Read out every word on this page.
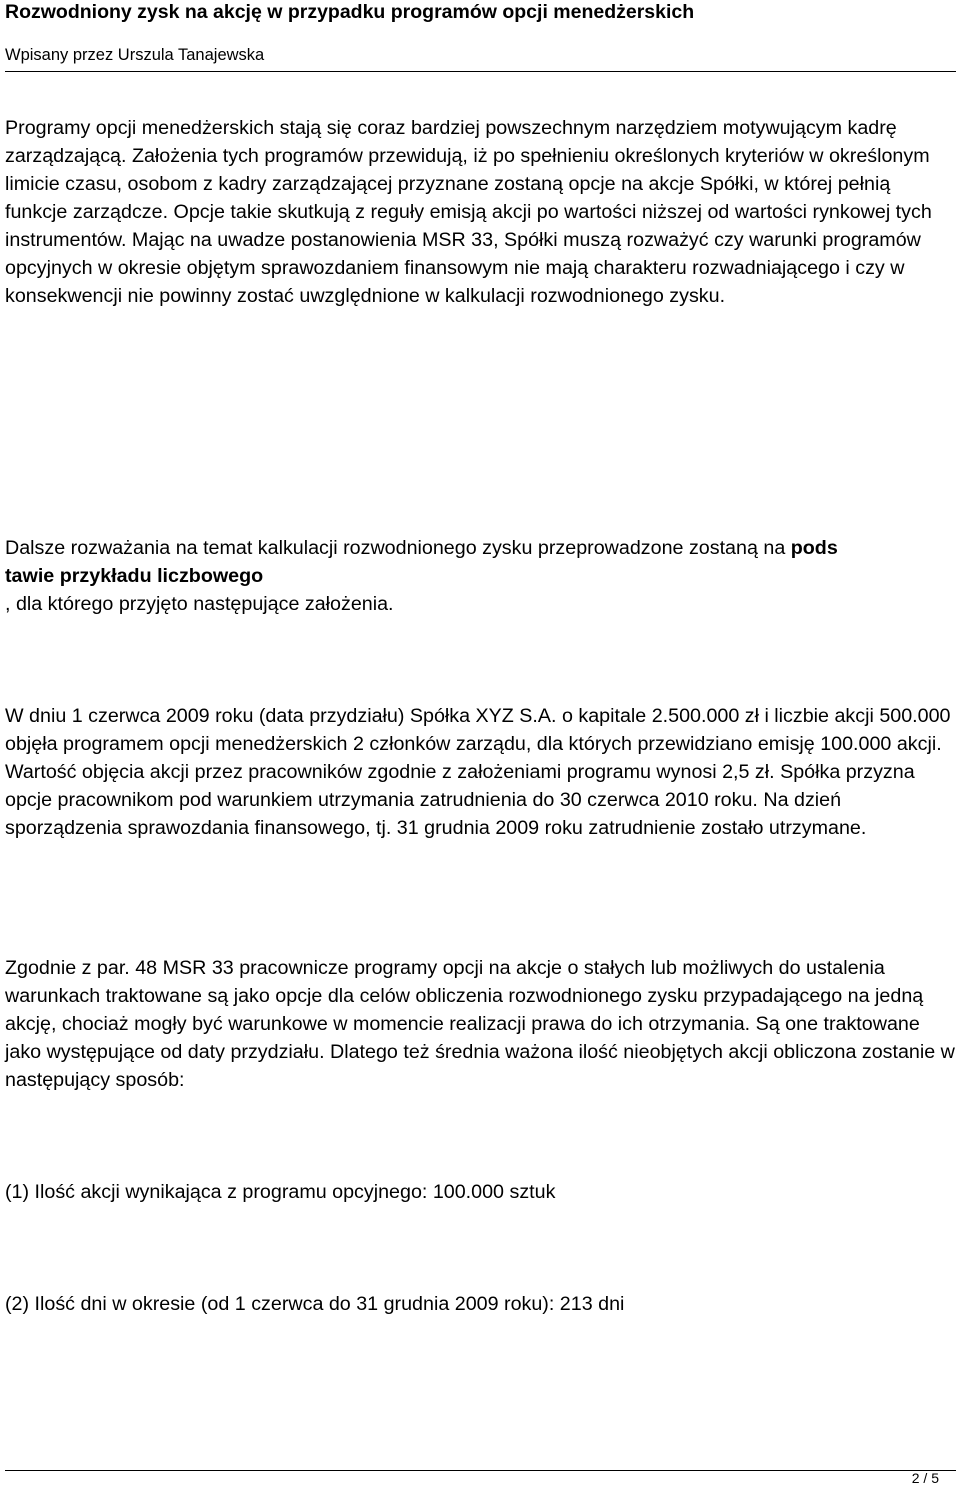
Rozwodniony zysk na akcję w przypadku programów opcji menedżerskich
Wpisany przez Urszula Tanajewska

Programy opcji menedżerskich stają się coraz bardziej powszechnym narzędziem motywującym kadrę zarządzającą. Założenia tych programów przewidują, iż po spełnieniu określonych kryteriów w określonym limicie czasu, osobom z kadry zarządzającej przyznane zostaną opcje na akcje Spółki, w której pełnią funkcje zarządcze. Opcje takie skutkują z reguły emisją akcji po wartości niższej od wartości rynkowej tych instrumentów. Mając na uwadze postanowienia MSR 33, Spółki muszą rozważyć czy warunki programów opcyjnych w okresie objętym sprawozdaniem finansowym nie mają charakteru rozwadniającego i czy w konsekwencji nie powinny zostać uwzględnione w kalkulacji rozwodnionego zysku.

Dalsze rozważania na temat kalkulacji rozwodnionego zysku przeprowadzone zostaną na pods
tawie przykładu liczbowego
, dla którego przyjęto następujące założenia.

W dniu 1 czerwca 2009 roku (data przydziału) Spółka XYZ S.A. o kapitale 2.500.000 zł i liczbie akcji 500.000 objęła programem opcji menedżerskich 2 członków zarządu, dla których przewidziano emisję 100.000 akcji. Wartość objęcia akcji przez pracowników zgodnie z założeniami programu wynosi 2,5 zł. Spółka przyzna opcje pracownikom pod warunkiem utrzymania zatrudnienia do 30 czerwca 2010 roku. Na dzień sporządzenia sprawozdania finansowego, tj. 31 grudnia 2009 roku zatrudnienie zostało utrzymane.

Zgodnie z par. 48 MSR 33 pracownicze programy opcji na akcje o stałych lub możliwych do ustalenia warunkach traktowane są jako opcje dla celów obliczenia rozwodnionego zysku przypadającego na jedną akcję, chociaż mogły być warunkowe w momencie realizacji prawa do ich otrzymania. Są one traktowane jako występujące od daty przydziału. Dlatego też średnia ważona ilość nieobjętych akcji obliczona zostanie w następujący sposób:

(1) Ilość akcji wynikająca z programu opcyjnego: 100.000 sztuk

(2) Ilość dni w okresie (od 1 czerwca do 31 grudnia 2009 roku): 213 dni

2 / 5
